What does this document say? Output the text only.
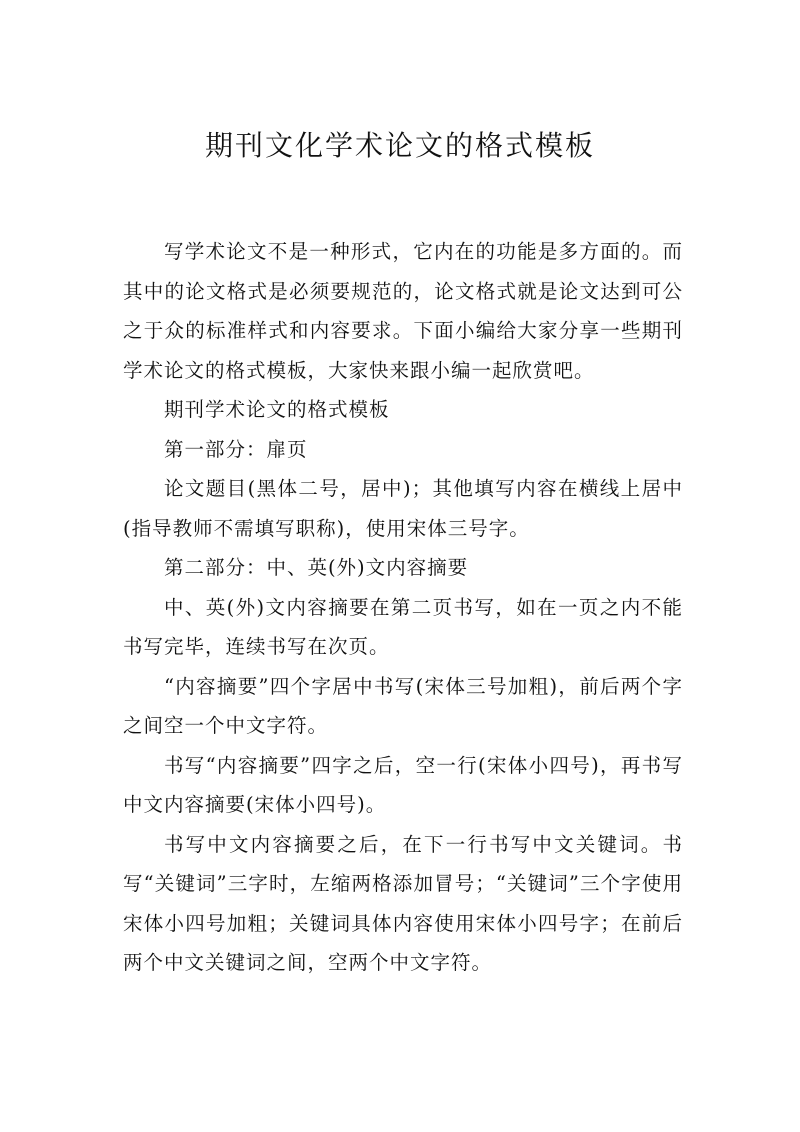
期刊文化学术论文的格式模板

写学术论文不是一种形式，它内在的功能是多方面的。而其中的论文格式是必须要规范的，论文格式就是论文达到可公之于众的标准样式和内容要求。下面小编给大家分享一些期刊学术论文的格式模板，大家快来跟小编一起欣赏吧。

期刊学术论文的格式模板

第一部分：扉页

论文题目(黑体二号，居中)；其他填写内容在横线上居中(指导教师不需填写职称)，使用宋体三号字。

第二部分：中、英(外)文内容摘要

中、英(外)文内容摘要在第二页书写，如在一页之内不能书写完毕，连续书写在次页。

“内容摘要”四个字居中书写(宋体三号加粗)，前后两个字之间空一个中文字符。

书写“内容摘要”四字之后，空一行(宋体小四号)，再书写中文内容摘要(宋体小四号)。

书写中文内容摘要之后，在下一行书写中文关键词。书写“关键词”三字时，左缩两格添加冒号；“关键词”三个字使用宋体小四号加粗；关键词具体内容使用宋体小四号字；在前后两个中文关键词之间，空两个中文字符。
